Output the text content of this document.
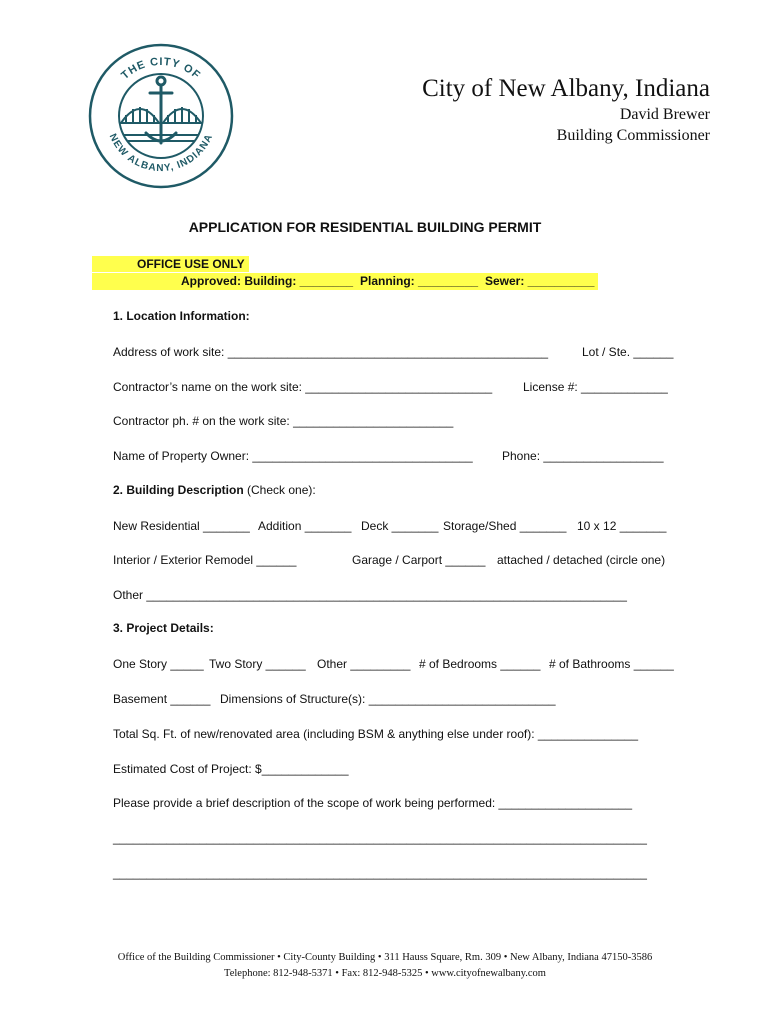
THE CITY OF
NEW ALBANY, INDIANA
City of New Albany, Indiana
David Brewer
Building Commissioner
APPLICATION FOR RESIDENTIAL BUILDING PERMIT
OFFICE USE ONLY
Approved: Building: ________ Planning: _________ Sewer: __________
1. Location Information:
Address of work site: ________________________________________________	Lot / Ste. ______
Contractor’s name on the work site: ____________________________	License #: _____________
Contractor ph. # on the work site: ________________________
Name of Property Owner: _________________________________ Phone: __________________
2. Building Description (Check one):
New Residential _______ Addition _______ Deck _______ Storage/Shed _______ 10 x 12 _______
Interior / Exterior Remodel ______	Garage / Carport ______ attached / detached (circle one)
Other ________________________________________________________________________
3. Project Details:
One Story _____ Two Story ______ Other _________ # of Bedrooms ______ # of Bathrooms ______
Basement ______ Dimensions of Structure(s): ____________________________
Total Sq. Ft. of new/renovated area (including BSM & anything else under roof): _______________
Estimated Cost of Project: $_____________
Please provide a brief description of the scope of work being performed: ____________________
________________________________________________________________________________
________________________________________________________________________________
Office of the Building Commissioner • City-County Building • 311 Hauss Square, Rm. 309 • New Albany, Indiana 47150-3586
Telephone: 812-948-5371 • Fax: 812-948-5325 • www.cityofnewalbany.com
